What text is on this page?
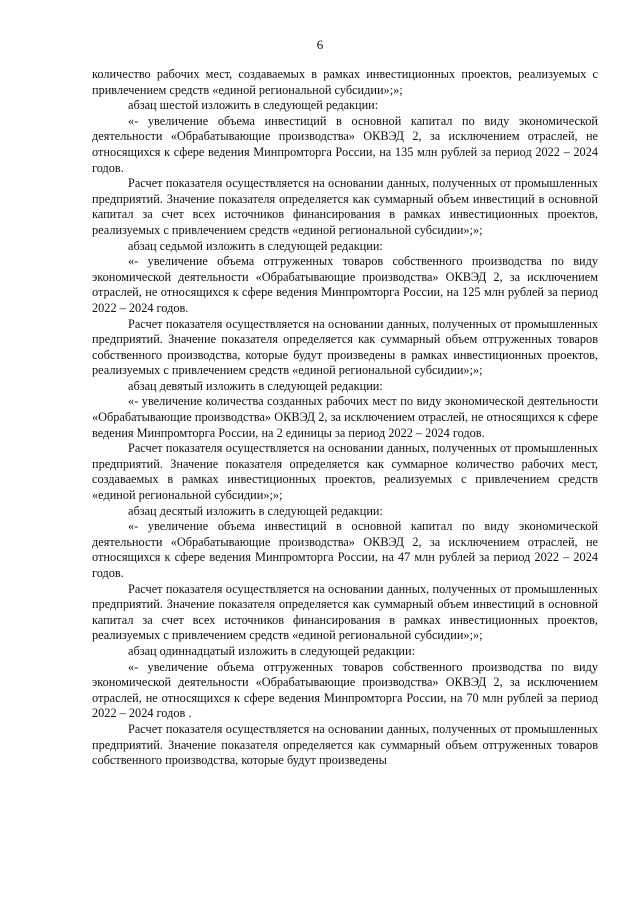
6

количество рабочих мест, создаваемых в рамках инвестиционных проектов, реализуемых с привлечением средств «единой региональной субсидии»;»;

абзац шестой изложить в следующей редакции:

«- увеличение объема инвестиций в основной капитал по виду экономической деятельности «Обрабатывающие производства» ОКВЭД 2, за исключением отраслей, не относящихся к сфере ведения Минпромторга России, на 135 млн рублей за период 2022 – 2024 годов.

Расчет показателя осуществляется на основании данных, полученных от промышленных предприятий. Значение показателя определяется как суммарный объем инвестиций в основной капитал за счет всех источников финансирования в рамках инвестиционных проектов, реализуемых с привлечением средств «единой региональной субсидии»;»;

абзац седьмой изложить в следующей редакции:

«- увеличение объема отгруженных товаров собственного производства по виду экономической деятельности «Обрабатывающие производства» ОКВЭД 2, за исключением отраслей, не относящихся к сфере ведения Минпромторга России, на 125 млн рублей за период 2022 – 2024 годов.

Расчет показателя осуществляется на основании данных, полученных от промышленных предприятий. Значение показателя определяется как суммарный объем отгруженных товаров собственного производства, которые будут произведены в рамках инвестиционных проектов, реализуемых с привлечением средств «единой региональной субсидии»;»;

абзац девятый изложить в следующей редакции:

«- увеличение количества созданных рабочих мест по виду экономической деятельности «Обрабатывающие производства» ОКВЭД 2, за исключением отраслей, не относящихся к сфере ведения Минпромторга России, на 2 единицы за период 2022 – 2024 годов.

Расчет показателя осуществляется на основании данных, полученных от промышленных предприятий. Значение показателя определяется как суммарное количество рабочих мест, создаваемых в рамках инвестиционных проектов, реализуемых с привлечением средств «единой региональной субсидии»;»;

абзац десятый изложить в следующей редакции:

«- увеличение объема инвестиций в основной капитал по виду экономической деятельности «Обрабатывающие производства» ОКВЭД 2, за исключением отраслей, не относящихся к сфере ведения Минпромторга России, на 47 млн рублей за период 2022 – 2024 годов.

Расчет показателя осуществляется на основании данных, полученных от промышленных предприятий. Значение показателя определяется как суммарный объем инвестиций в основной капитал за счет всех источников финансирования в рамках инвестиционных проектов, реализуемых с привлечением средств «единой региональной субсидии»;»;

абзац одиннадцатый изложить в следующей редакции:

«- увеличение объема отгруженных товаров собственного производства по виду экономической деятельности «Обрабатывающие производства» ОКВЭД 2, за исключением отраслей, не относящихся к сфере ведения Минпромторга России, на 70 млн рублей за период 2022 – 2024 годов .

Расчет показателя осуществляется на основании данных, полученных от промышленных предприятий. Значение показателя определяется как суммарный объем отгруженных товаров собственного производства, которые будут произведены
